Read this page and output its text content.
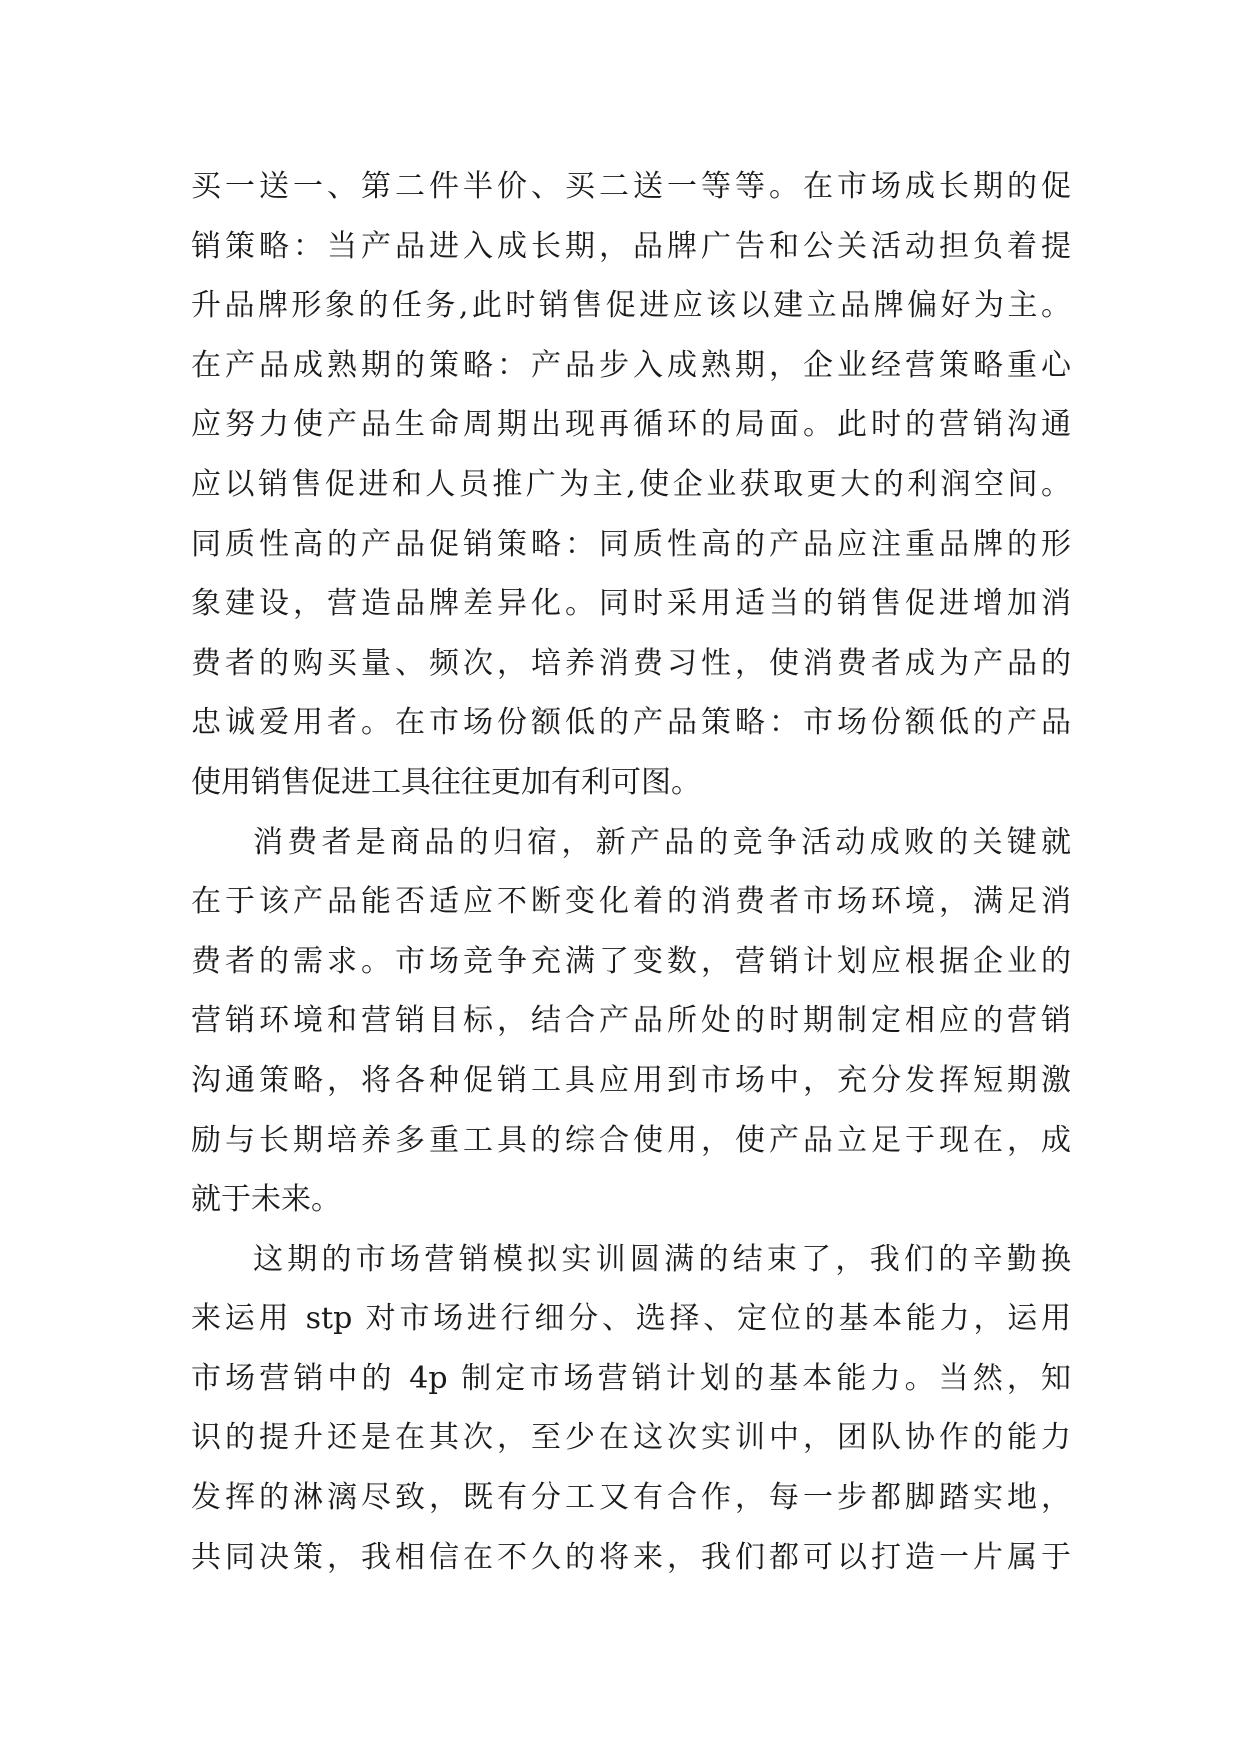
买一送一、第二件半价、买二送一等等。在市场成长期的促
销策略：当产品进入成长期，品牌广告和公关活动担负着提
升品牌形象的任务,此时销售促进应该以建立品牌偏好为主。
在产品成熟期的策略：产品步入成熟期，企业经营策略重心
应努力使产品生命周期出现再循环的局面。此时的营销沟通
应以销售促进和人员推广为主,使企业获取更大的利润空间。
同质性高的产品促销策略：同质性高的产品应注重品牌的形
象建设，营造品牌差异化。同时采用适当的销售促进增加消
费者的购买量、频次，培养消费习性，使消费者成为产品的
忠诚爱用者。在市场份额低的产品策略：市场份额低的产品
使用销售促进工具往往更加有利可图。
消费者是商品的归宿，新产品的竞争活动成败的关键就
在于该产品能否适应不断变化着的消费者市场环境，满足消
费者的需求。市场竞争充满了变数，营销计划应根据企业的
营销环境和营销目标，结合产品所处的时期制定相应的营销
沟通策略，将各种促销工具应用到市场中，充分发挥短期激
励与长期培养多重工具的综合使用，使产品立足于现在，成
就于未来。
这期的市场营销模拟实训圆满的结束了，我们的辛勤换
来运用 stp 对市场进行细分、选择、定位的基本能力，运用
市场营销中的 4p 制定市场营销计划的基本能力。当然，知
识的提升还是在其次，至少在这次实训中，团队协作的能力
发挥的淋漓尽致，既有分工又有合作，每一步都脚踏实地，
共同决策，我相信在不久的将来，我们都可以打造一片属于
